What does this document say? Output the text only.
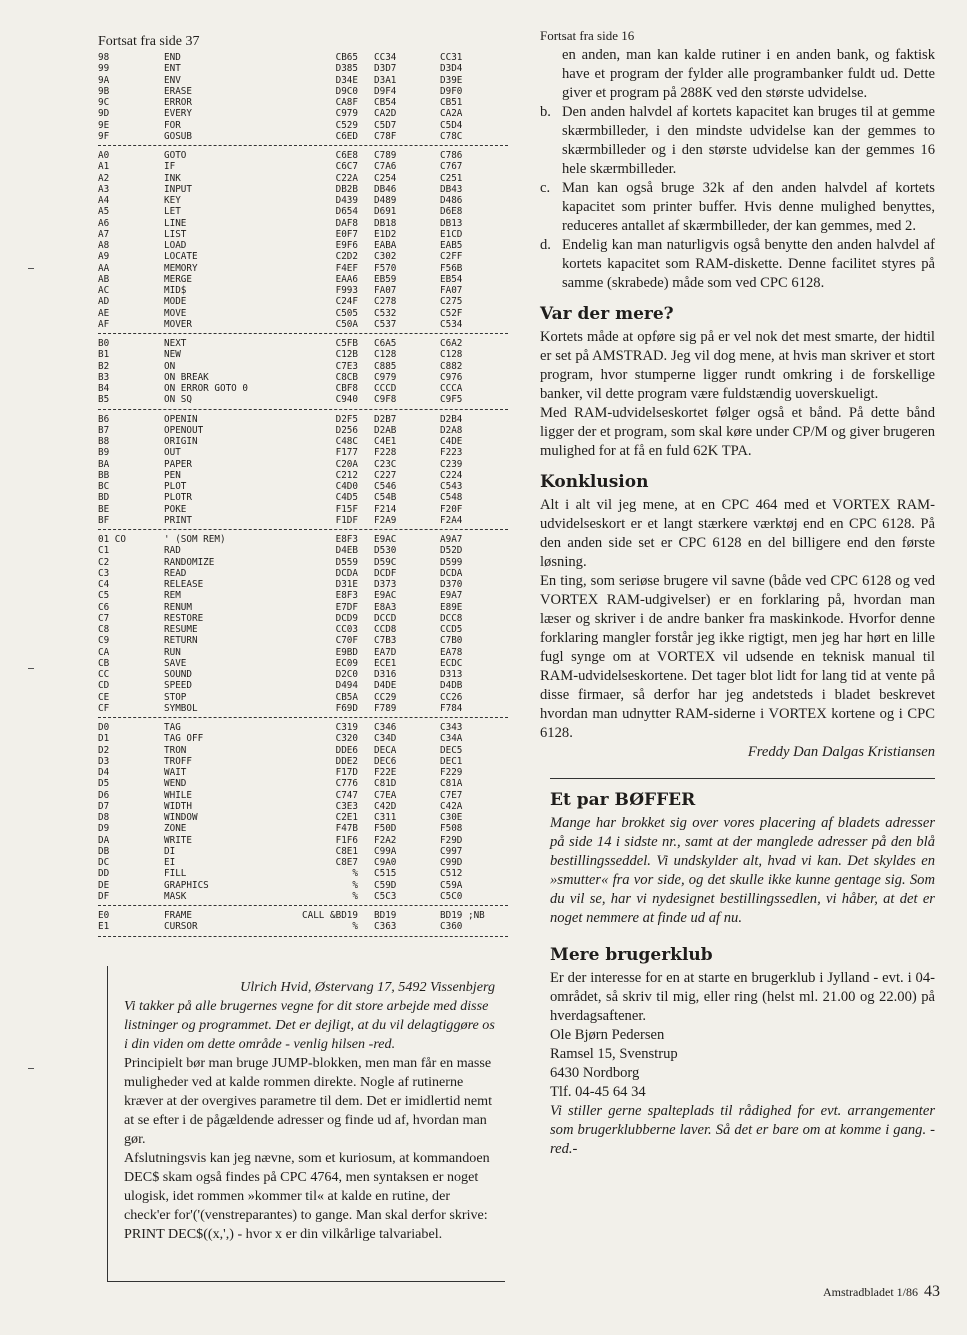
Fortsat fra side 37
98	END	CB65	CC34	CC31
99	ENT	D385	D3D7	D3D4
9A	ENV	D34E	D3A1	D39E
9B	ERASE	D9C0	D9F4	D9F0
9C	ERROR	CA8F	CB54	CB51
9D	EVERY	C979	CA2D	CA2A
9E	FOR	C529	C5D7	C5D4
9F	GOSUB	C6ED	C78F	C78C
A0	GOTO	C6E8	C789	C786
A1	IF	C6C7	C7A6	C767
A2	INK	C22A	C254	C251
A3	INPUT	DB2B	DB46	DB43
A4	KEY	D439	D489	D486
A5	LET	D654	D691	D6E8
A6	LINE	DAF8	DB18	DB13
A7	LIST	E0F7	E1D2	E1CD
A8	LOAD	E9F6	EABA	EAB5
A9	LOCATE	C2D2	C302	C2FF
AA	MEMORY	F4EF	F570	F56B
AB	MERGE	EAA6	EB59	EB54
AC	MID$	F993	FA07	FA07
AD	MODE	C24F	C278	C275
AE	MOVE	C505	C532	C52F
AF	MOVER	C50A	C537	C534
B0	NEXT	C5FB	C6A5	C6A2
B1	NEW	C12B	C128	C128
B2	ON	C7E3	C885	C882
B3	ON BREAK	C8CB	C979	C976
B4	ON ERROR GOTO 0	CBF8	CCCD	CCCA
B5	ON SQ	C940	C9F8	C9F5
B6	OPENIN	D2F5	D2B7	D2B4
B7	OPENOUT	D256	D2AB	D2A8
B8	ORIGIN	C48C	C4E1	C4DE
B9	OUT	F177	F228	F223
BA	PAPER	C20A	C23C	C239
BB	PEN	C212	C227	C224
BC	PLOT	C4D0	C546	C543
BD	PLOTR	C4D5	C54B	C548
BE	POKE	F15F	F214	F20F
BF	PRINT	F1DF	F2A9	F2A4
01 CO	' (SOM REM)	E8F3	E9AC	A9A7
C1	RAD	D4EB	D530	D52D
C2	RANDOMIZE	D559	D59C	D599
C3	READ	DCDA	DCDF	DCDA
C4	RELEASE	D31E	D373	D370
C5	REM	E8F3	E9AC	E9A7
C6	RENUM	E7DF	E8A3	E89E
C7	RESTORE	DCD9	DCCD	DCC8
C8	RESUME	CC03	CCD8	CCD5
C9	RETURN	C70F	C7B3	C7B0
CA	RUN	E9BD	EA7D	EA78
CB	SAVE	EC09	ECE1	ECDC
CC	SOUND	D2C0	D316	D313
CD	SPEED	D494	D4DE	D4DB
CE	STOP	CB5A	CC29	CC26
CF	SYMBOL	F69D	F789	F784
D0	TAG	C319	C346	C343
D1	TAG OFF	C320	C34D	C34A
D2	TRON	DDE6	DECA	DEC5
D3	TROFF	DDE2	DEC6	DEC1
D4	WAIT	F17D	F22E	F229
D5	WEND	C776	C81D	C81A
D6	WHILE	C747	C7EA	C7E7
D7	WIDTH	C3E3	C42D	C42A
D8	WINDOW	C2E1	C311	C30E
D9	ZONE	F47B	F50D	F508
DA	WRITE	F1F6	F2A2	F29D
DB	DI	C8E1	C99A	C997
DC	EI	C8E7	C9A0	C99D
DD	FILL	%	C515	C512
DE	GRAPHICS	%	C59D	C59A
DF	MASK	%	C5C3	C5C0
E0	FRAME	CALL &BD19	BD19	BD19 ;NB
E1	CURSOR	%	C363	C360

Ulrich Hvid, Østervang 17, 5492 Vissenbjerg

Vi takker på alle brugernes vegne for dit store arbejde med disse listninger og programmet. Det er dejligt, at du vil delagtiggøre os i din viden om dette område - venlig hilsen -red.

Principielt bør man bruge JUMP-blokken, men man får en masse muligheder ved at kalde rommen direkte. Nogle af rutinerne kræver at der overgives parametre til dem. Det er imidlertid nemt at se efter i de pågældende adresser og finde ud af, hvordan man gør.

Afslutningsvis kan jeg nævne, som et kuriosum, at kommandoen DEC$ skam også findes på CPC 4764, men syntaksen er noget ulogisk, idet rommen »kommer til« at kalde en rutine, der check'er for'('(venstreparantes) to gange. Man skal derfor skrive: PRINT DEC$((x,',) - hvor x er din vilkårlige talvariabel.

Fortsat fra side 16

en anden, man kan kalde rutiner i en anden bank, og faktisk have et program der fylder alle programbanker fuldt ud. Dette giver et program på 288K ved den største udvidelse.

b. Den anden halvdel af kortets kapacitet kan bruges til at gemme skærmbilleder, i den mindste udvidelse kan der gemmes to skærmbilleder og i den største udvidelse kan der gemmes 16 hele skærmbilleder.

c. Man kan også bruge 32k af den anden halvdel af kortets kapacitet som printer buffer. Hvis denne mulighed benyttes, reduceres antallet af skærmbilleder, der kan gemmes, med 2.

d. Endelig kan man naturligvis også benytte den anden halvdel af kortets kapacitet som RAM-diskette. Denne facilitet styres på samme (skrabede) måde som ved CPC 6128.

Var der mere?

Kortets måde at opføre sig på er vel nok det mest smarte, der hidtil er set på AMSTRAD. Jeg vil dog mene, at hvis man skriver et stort program, hvor stumperne ligger rundt omkring i de forskellige banker, vil dette program være fuldstændig uoverskueligt.

Med RAM-udvidelseskortet følger også et bånd. På dette bånd ligger der et program, som skal køre under CP/M og giver brugeren mulighed for at få en fuld 62K TPA.

Konklusion

Alt i alt vil jeg mene, at en CPC 464 med et VORTEX RAM-udvidelseskort er et langt stærkere værktøj end en CPC 6128. På den anden side set er CPC 6128 en del billigere end den første løsning.

En ting, som seriøse brugere vil savne (både ved CPC 6128 og ved VORTEX RAM-udgivelser) er en forklaring på, hvordan man læser og skriver i de andre banker fra maskinkode. Hvorfor denne forklaring mangler forstår jeg ikke rigtigt, men jeg har hørt en lille fugl synge om at VORTEX vil udsende en teknisk manual til RAM-udvidelseskortene. Det tager blot lidt for lang tid at vente på disse firmaer, så derfor har jeg andetsteds i bladet beskrevet hvordan man udnytter RAM-siderne i VORTEX kortene og i CPC 6128.

Freddy Dan Dalgas Kristiansen
Et par BØFFER

Mange har brokket sig over vores placering af bladets adresser på side 14 i sidste nr., samt at der manglede adresser på den blå bestillingsseddel. Vi undskylder alt, hvad vi kan. Det skyldes en »smutter« fra vor side, og det skulle ikke kunne gentage sig. Som du vil se, har vi nydesignet bestillingssedlen, vi håber, at det er noget nemmere at finde ud af nu.

Mere brugerklub

Er der interesse for en at starte en brugerklub i Jylland - evt. i 04-området, så skriv til mig, eller ring (helst ml. 21.00 og 22.00) på hverdagsaftener.

Ole Bjørn Pedersen
Ramsel 15, Svenstrup
6430 Nordborg
Tlf. 04-45 64 34

Vi stiller gerne spalteplads til rådighed for evt. arrangementer som brugerklubberne laver. Så det er bare om at komme i gang. -red.-

Amstradbladet 1/86 43
